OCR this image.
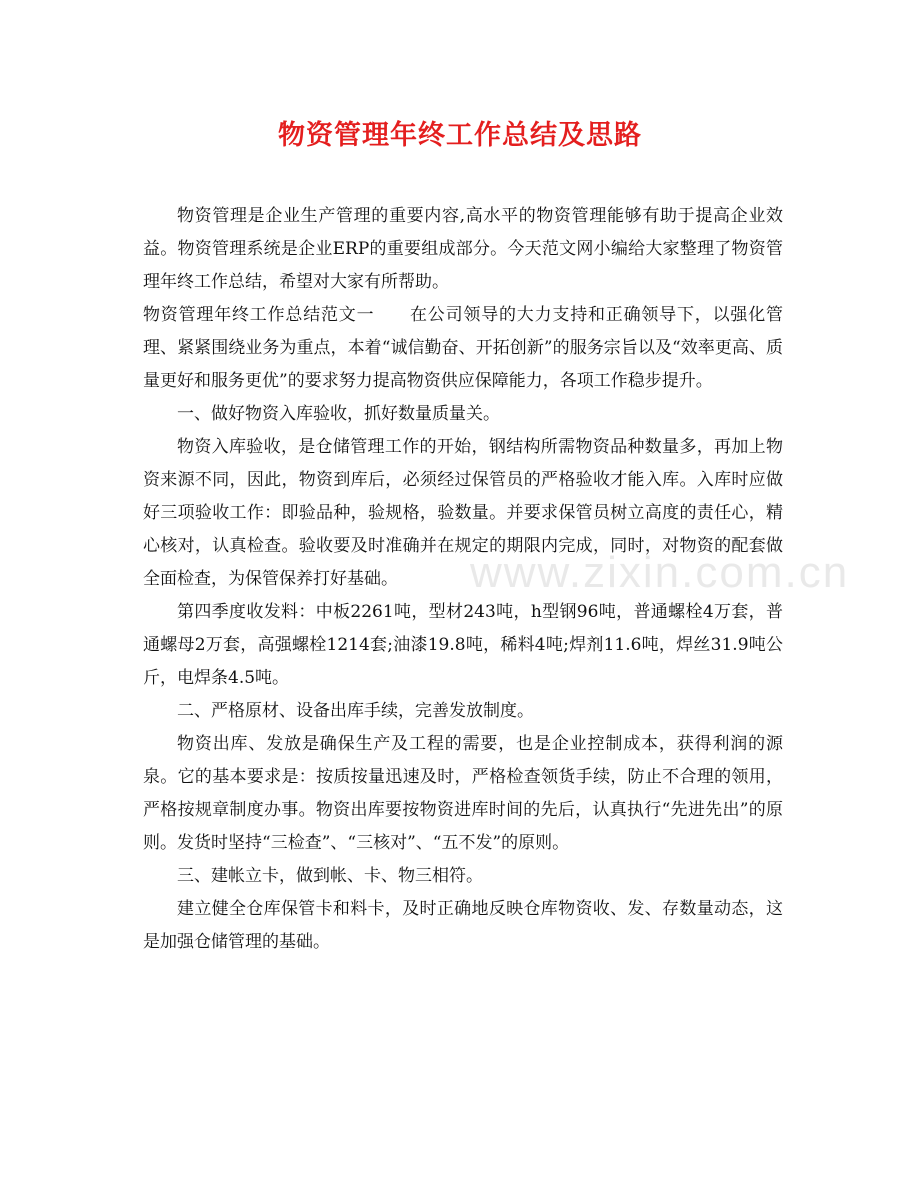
物资管理年终工作总结及思路

物资管理是企业生产管理的重要内容,高水平的物资管理能够有助于提高企业效益。物资管理系统是企业ERP的重要组成部分。今天范文网小编给大家整理了物资管理年终工作总结，希望对大家有所帮助。

物资管理年终工作总结范文一　　在公司领导的大力支持和正确领导下，以强化管理、紧紧围绕业务为重点，本着“诚信勤奋、开拓创新”的服务宗旨以及“效率更高、质量更好和服务更优”的要求努力提高物资供应保障能力，各项工作稳步提升。

一、做好物资入库验收，抓好数量质量关。

物资入库验收，是仓储管理工作的开始，钢结构所需物资品种数量多，再加上物资来源不同，因此，物资到库后，必须经过保管员的严格验收才能入库。入库时应做好三项验收工作：即验品种，验规格，验数量。并要求保管员树立高度的责任心，精心核对，认真检查。验收要及时准确并在规定的期限内完成，同时，对物资的配套做全面检查，为保管保养打好基础。

第四季度收发料：中板2261吨，型材243吨，h型钢96吨，普通螺栓4万套，普通螺母2万套，高强螺栓1214套;油漆19.8吨，稀料4吨;焊剂11.6吨，焊丝31.9吨公斤，电焊条4.5吨。

二、严格原材、设备出库手续，完善发放制度。

物资出库、发放是确保生产及工程的需要，也是企业控制成本，获得利润的源泉。它的基本要求是：按质按量迅速及时，严格检查领货手续，防止不合理的领用，严格按规章制度办事。物资出库要按物资进库时间的先后，认真执行“先进先出”的原则。发货时坚持“三检查”、“三核对”、“五不发”的原则。

三、建帐立卡，做到帐、卡、物三相符。

建立健全仓库保管卡和料卡，及时正确地反映仓库物资收、发、存数量动态，这是加强仓储管理的基础。

www.zixin.com.cn
